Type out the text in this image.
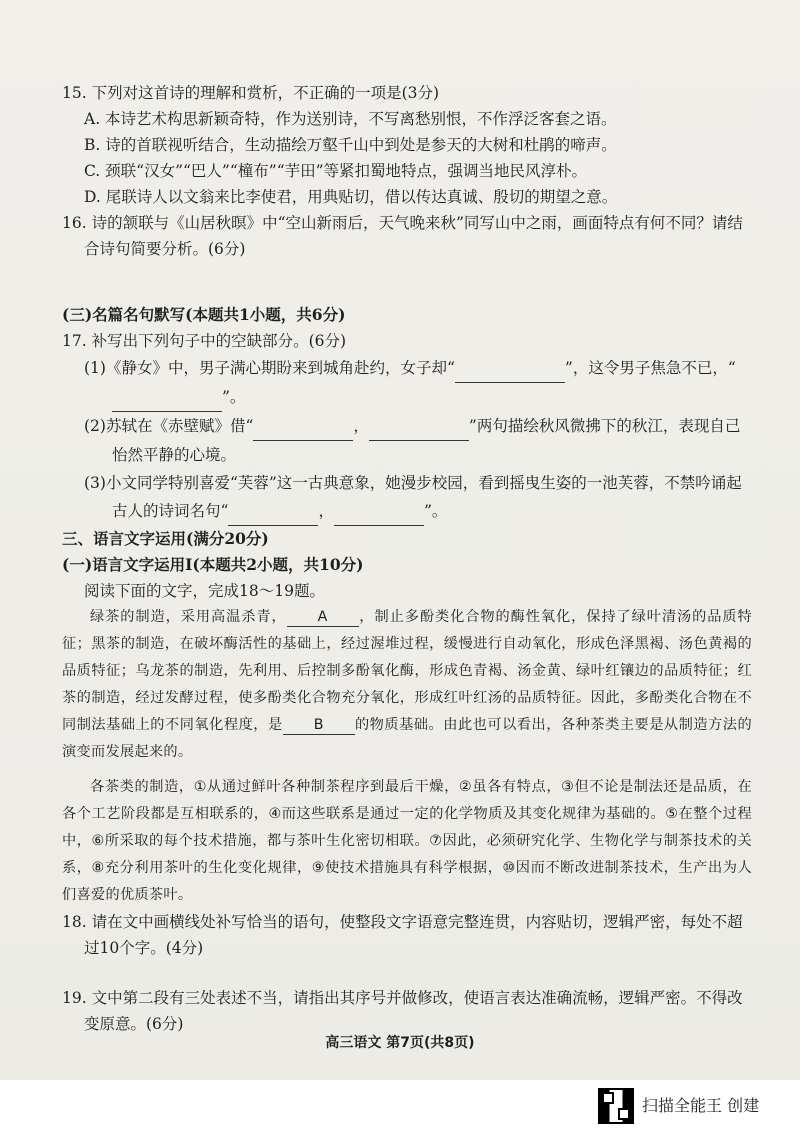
15. 下列对这首诗的理解和赏析，不正确的一项是(3分)

A. 本诗艺术构思新颖奇特，作为送别诗，不写离愁别恨，不作浮泛客套之语。

B. 诗的首联视听结合，生动描绘万壑千山中到处是参天的大树和杜鹃的啼声。

C. 颈联“汉女”“巴人”“橦布”“芋田”等紧扣蜀地特点，强调当地民风淳朴。

D. 尾联诗人以文翁来比李使君，用典贴切，借以传达真诚、殷切的期望之意。

16. 诗的颔联与《山居秋暝》中“空山新雨后，天气晚来秋”同写山中之雨，画面特点有何不同？请结合诗句简要分析。(6分)

(三)名篇名句默写(本题共1小题，共6分)

17. 补写出下列句子中的空缺部分。(6分)

(1)《静女》中，男子满心期盼来到城角赴约，女子却“	”，这令男子焦急不已，“ ”。

(2)苏轼在《赤壁赋》借“	，	”两句描绘秋风微拂下的秋江，表现自己怡然平静的心境。

(3)小文同学特别喜爱“芙蓉”这一古典意象，她漫步校园，看到摇曳生姿的一池芙蓉，不禁吟诵起古人的诗词名句“	，	”。

三、语言文字运用(满分20分)

(一)语言文字运用Ⅰ(本题共2小题，共10分)

阅读下面的文字，完成18～19题。

绿茶的制造，采用高温杀青， A ，制止多酚类化合物的酶性氧化，保持了绿叶清汤的品质特征；黑茶的制造，在破坏酶活性的基础上，经过渥堆过程，缓慢进行自动氧化，形成色泽黑褐、汤色黄褐的品质特征；乌龙茶的制造，先利用、后控制多酚氧化酶，形成色青褐、汤金黄、绿叶红镶边的品质特征；红茶的制造，经过发酵过程，使多酚类化合物充分氧化，形成红叶红汤的品质特征。因此，多酚类化合物在不同制法基础上的不同氧化程度，是 B 的物质基础。由此也可以看出，各种茶类主要是从制造方法的演变而发展起来的。

各茶类的制造，①从通过鲜叶各种制茶程序到最后干燥，②虽各有特点，③但不论是制法还是品质，在各个工艺阶段都是互相联系的，④而这些联系是通过一定的化学物质及其变化规律为基础的。⑤在整个过程中，⑥所采取的每个技术措施，都与茶叶生化密切相联。⑦因此，必须研究化学、生物化学与制茶技术的关系，⑧充分利用茶叶的生化变化规律，⑨使技术措施具有科学根据，⑩因而不断改进制茶技术，生产出为人们喜爱的优质茶叶。

18. 请在文中画横线处补写恰当的语句，使整段文字语意完整连贯，内容贴切，逻辑严密，每处不超过10个字。(4分)

19. 文中第二段有三处表述不当，请指出其序号并做修改，使语言表达准确流畅，逻辑严密。不得改变原意。(6分)

高三语文 第7页(共8页)
扫描全能王 创建
